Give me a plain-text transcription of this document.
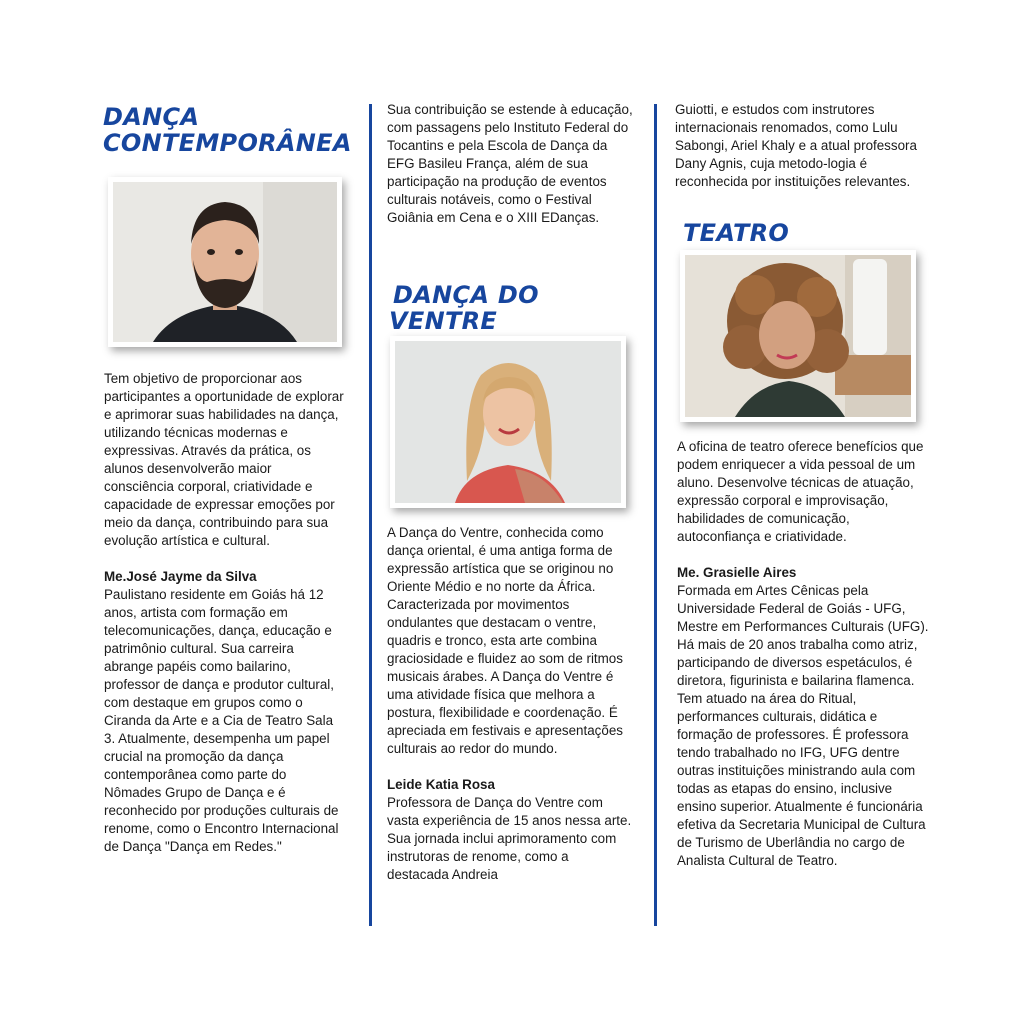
DANÇA

CONTEMPORÂNEA

Tem objetivo de proporcionar aos participantes a oportunidade de explorar e aprimorar suas habilidades na dança, utilizando técnicas modernas e expressivas. Através da prática, os alunos desenvolverão maior consciência corporal, criatividade e capacidade de expressar emoções por meio da dança, contribuindo para sua evolução artística e cultural.

Me.José Jayme da Silva

Paulistano residente em Goiás há 12 anos, artista com formação em telecomunicações, dança, educação e patrimônio cultural. Sua carreira abrange papéis como bailarino, professor de dança e produtor cultural, com destaque em grupos como o Ciranda da Arte e a Cia de Teatro Sala 3. Atualmente, desempenha um papel crucial na promoção da dança contemporânea como parte do Nômades Grupo de Dança e é reconhecido por produções culturais de renome, como o Encontro Internacional de Dança "Dança em Redes."

Sua contribuição se estende à educação, com passagens pelo Instituto Federal do Tocantins e pela Escola de Dança da EFG Basileu França, além de sua participação na produção de eventos culturais notáveis, como o Festival Goiânia em Cena e o XIII EDanças.

DANÇA DO

VENTRE

A Dança do Ventre, conhecida como dança oriental, é uma antiga forma de expressão artística que se originou no Oriente Médio e no norte da África. Caracterizada por movimentos ondulantes que destacam o ventre, quadris e tronco, esta arte combina graciosidade e fluidez ao som de ritmos musicais árabes. A Dança do Ventre é uma atividade física que melhora a postura, flexibilidade e coordenação. É apreciada em festivais e apresentações culturais ao redor do mundo.

Leide Katia Rosa

Professora de Dança do Ventre com vasta experiência de 15 anos nessa arte. Sua jornada inclui aprimoramento com instrutoras de renome, como a destacada Andreia

Guiotti, e estudos com instrutores internacionais renomados, como Lulu Sabongi, Ariel Khaly e a atual professora Dany Agnis, cuja metodo-logia é reconhecida por instituições relevantes.

TEATRO

A oficina de teatro oferece benefícios que podem enriquecer a vida pessoal de um aluno. Desenvolve técnicas de atuação, expressão corporal e improvisação, habilidades de comunicação, autoconfiança e criatividade.

Me. Grasielle Aires

Formada em Artes Cênicas pela Universidade Federal de Goiás - UFG, Mestre em Performances Culturais (UFG). Há mais de 20 anos trabalha como atriz, participando de diversos espetáculos, é diretora, figurinista e bailarina flamenca. Tem atuado na área do Ritual, performances culturais, didática e formação de professores. É professora tendo trabalhado no IFG, UFG dentre outras instituições ministrando aula com todas as etapas do ensino, inclusive ensino superior. Atualmente é funcionária efetiva da Secretaria Municipal de Cultura de Turismo de Uberlândia no cargo de Analista Cultural de Teatro.
